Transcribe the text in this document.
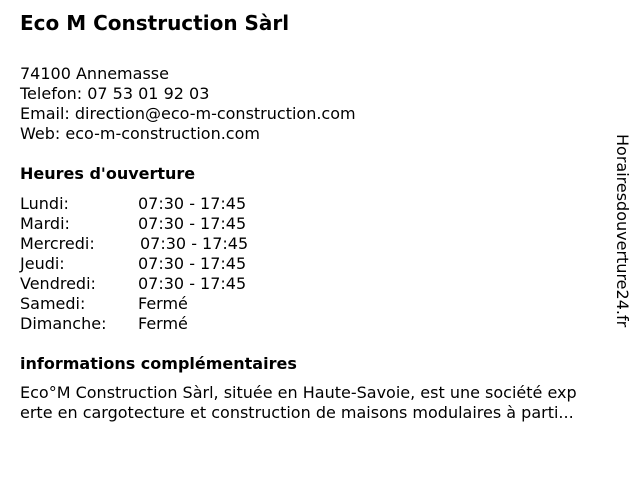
Eco M Construction Sàrl
74100 Annemasse
Telefon: 07 53 01 92 03
Email: direction@eco-m-construction.com
Web: eco-m-construction.com
Heures d'ouverture
Lundi:	07:30 - 17:45
Mardi:	07:30 - 17:45
Mercredi:	07:30 - 17:45
Jeudi:	07:30 - 17:45
Vendredi:	07:30 - 17:45
Samedi:	Fermé
Dimanche: Fermé
informations complémentaires
Eco°M Construction Sàrl, située en Haute-Savoie, est une société exp
erte en cargotecture et construction de maisons modulaires à parti...
Horairesdouverture24.fr
